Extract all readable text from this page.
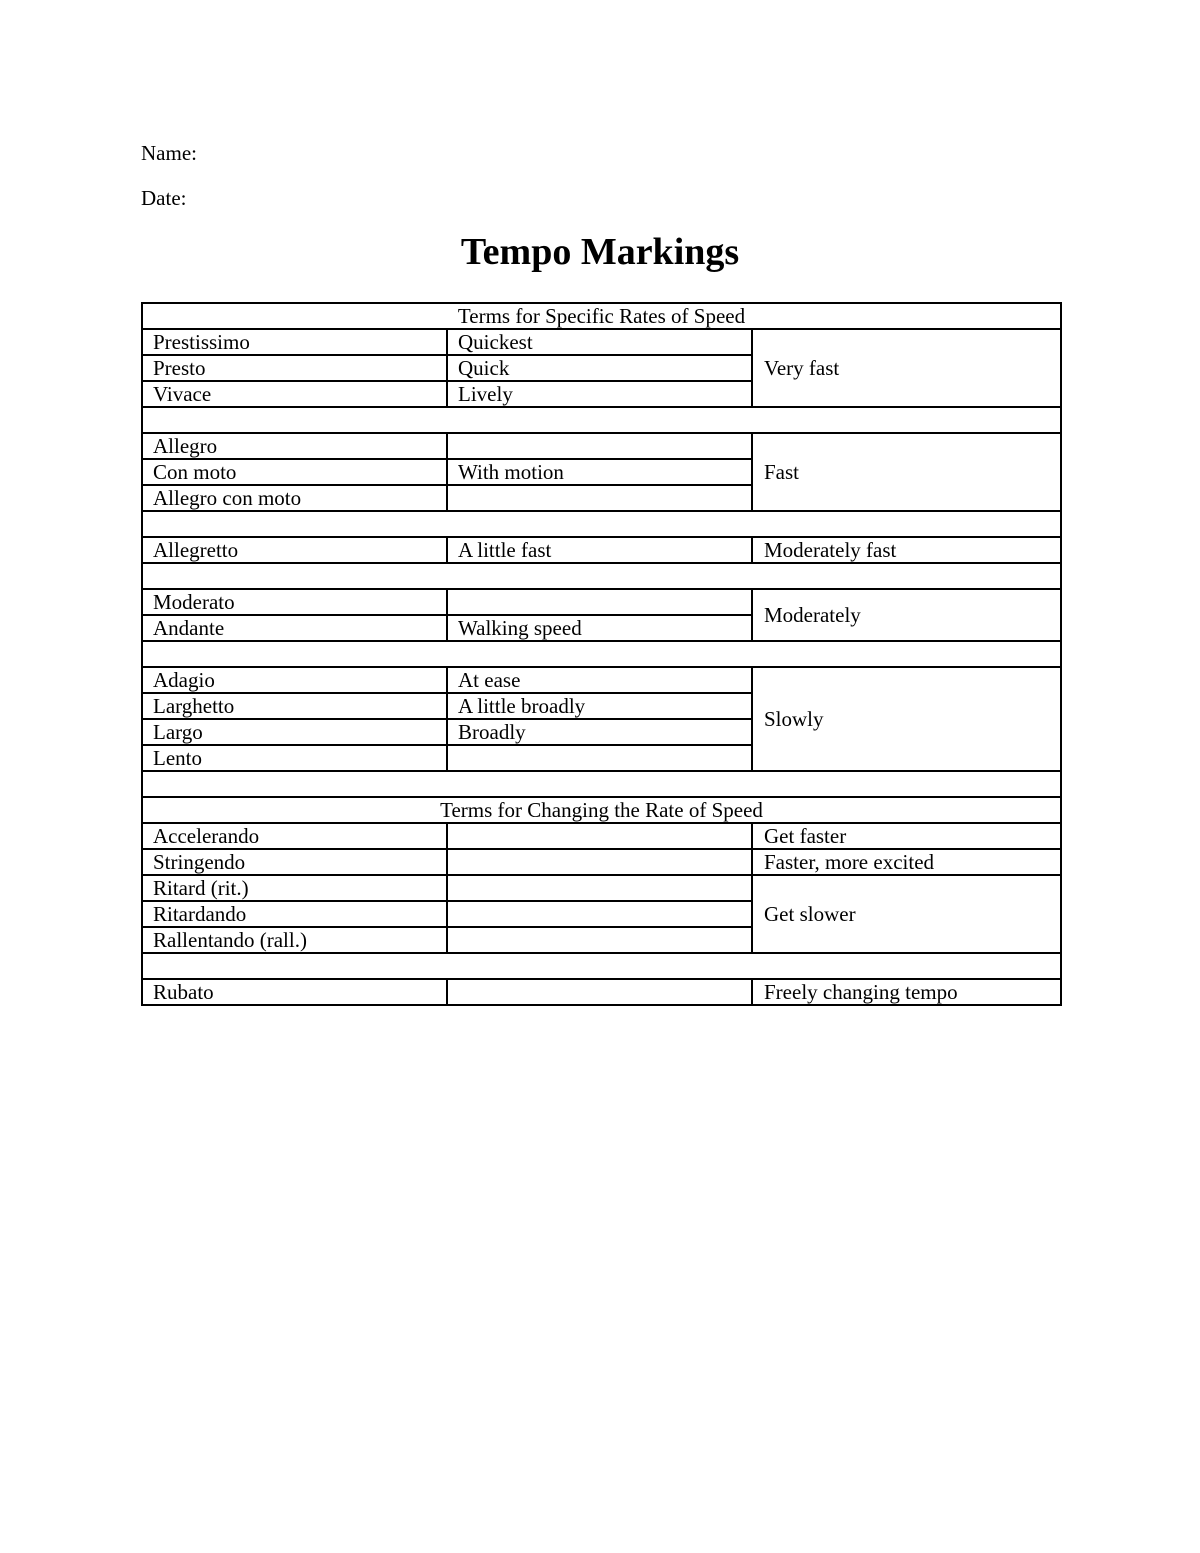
Name:
Date:
Tempo Markings
Terms for Specific Rates of Speed		
Prestissimo	Quickest	Very fast
Presto	Quick	
Vivace	Lively	

Allegro		Fast
Con moto	With motion	
Allegro con moto		

Allegretto	A little fast	Moderately fast

Moderato		Moderately
Andante	Walking speed	

Adagio	At ease	Slowly
Larghetto	A little broadly	
Largo	Broadly	
Lento		

Terms for Changing the Rate of Speed		
Accelerando		Get faster
Stringendo		Faster, more excited
Ritard (rit.)		Get slower
Ritardando		
Rallentando (rall.)		

Rubato		Freely changing tempo
